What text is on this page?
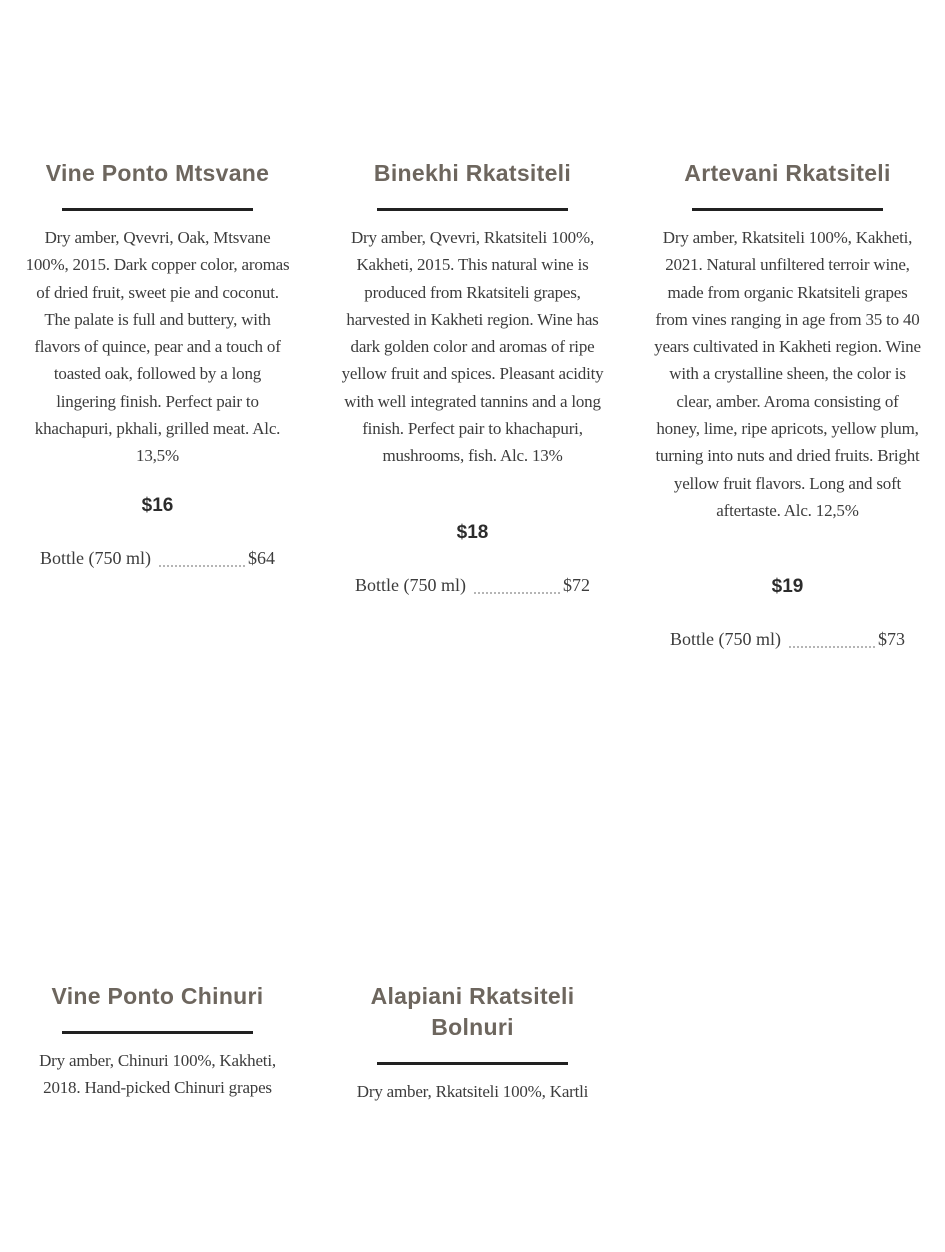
Vine Ponto Mtsvane

Dry amber, Qvevri, Oak, Mtsvane 100%, 2015. Dark copper color, aromas of dried fruit, sweet pie and coconut. The palate is full and buttery, with flavors of quince, pear and a touch of toasted oak, followed by a long lingering finish. Perfect pair to khachapuri, pkhali, grilled meat. Alc. 13,5%

$16
Bottle (750 ml)	$64
Binekhi Rkatsiteli

Dry amber, Qvevri, Rkatsiteli 100%, Kakheti, 2015. This natural wine is produced from Rkatsiteli grapes, harvested in Kakheti region. Wine has dark golden color and aromas of ripe yellow fruit and spices. Pleasant acidity with well integrated tannins and a long finish. Perfect pair to khachapuri, mushrooms, fish. Alc. 13%

$18
Bottle (750 ml)	$72
Artevani Rkatsiteli

Dry amber, Rkatsiteli 100%, Kakheti, 2021. Natural unfiltered terroir wine, made from organic Rkatsiteli grapes from vines ranging in age from 35 to 40 years cultivated in Kakheti region. Wine with a crystalline sheen, the color is clear, amber. Aroma consisting of honey, lime, ripe apricots, yellow plum, turning into nuts and dried fruits. Bright yellow fruit flavors. Long and soft aftertaste. Alc. 12,5%

$19
Bottle (750 ml)	$73
Vine Ponto Chinuri

Dry amber, Chinuri 100%, Kakheti, 2018. Hand-picked Chinuri grapes

Alapiani Rkatsiteli Bolnuri

Dry amber, Rkatsiteli 100%, Kartli
